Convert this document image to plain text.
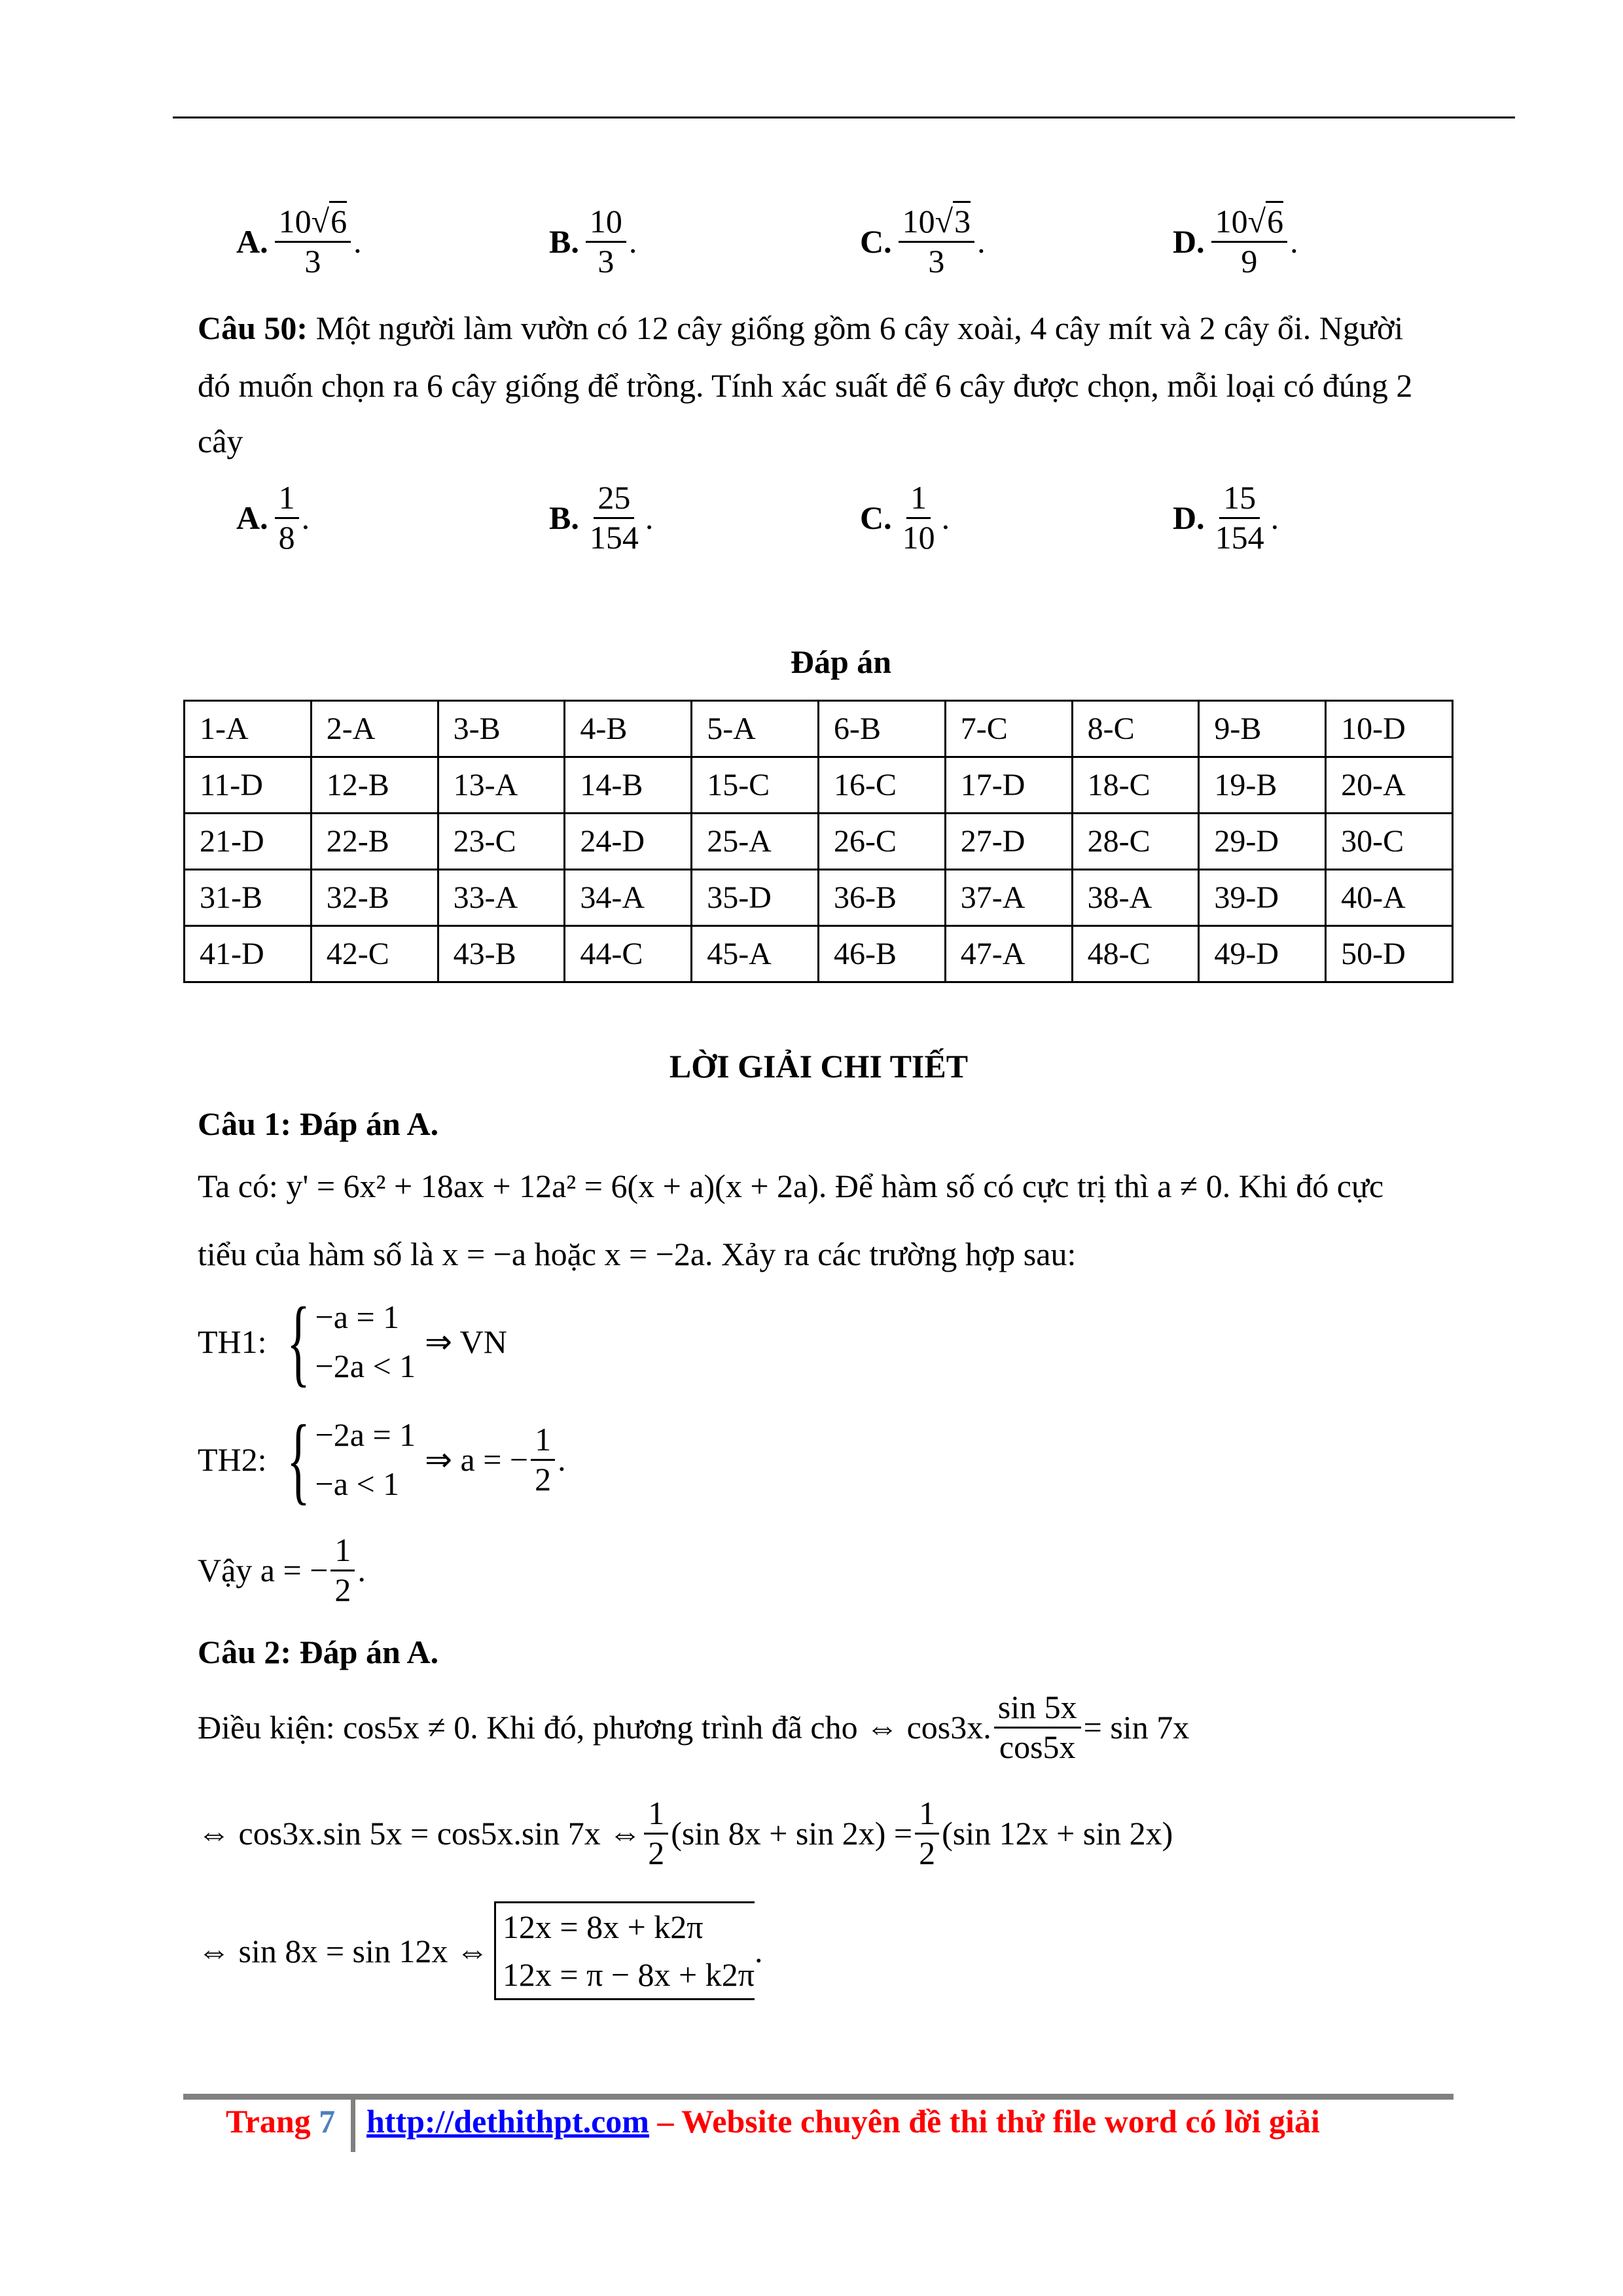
A. $\frac{10√6}{3}$ .	B. $\frac{10}{3}$ .	C. $\frac{10√3}{3}$ .	D. $\frac{10√6}{9}$ .
Câu 50: Một người làm vườn có 12 cây giống gồm 6 cây xoài, 4 cây mít và 2 cây ổi. Người
đó muốn chọn ra 6 cây giống để trồng. Tính xác suất để 6 cây được chọn, mỗi loại có đúng 2
cây
A. $\frac{1}{8}$ .	B. $\frac{25}{154}$ .	C. $\frac{1}{10}$ .	D. $\frac{15}{154}$ .
Đáp án
1-A	2-A	3-B	4-B	5-A	6-B	7-C	8-C	9-B	10-D
11-D	12-B	13-A	14-B	15-C	16-C	17-D	18-C	19-B	20-A
21-D	22-B	23-C	24-D	25-A	26-C	27-D	28-C	29-D	30-C
31-B	32-B	33-A	34-A	35-D	36-B	37-A	38-A	39-D	40-A
41-D	42-C	43-B	44-C	45-A	46-B	47-A	48-C	49-D	50-D
LỜI GIẢI CHI TIẾT
Câu 1: Đáp án A.
Ta có: y' = 6x² + 18ax + 12a² = 6(x + a)(x + 2a). Để hàm số có cực trị thì a ≠ 0. Khi đó cực
tiểu của hàm số là x = −a hoặc x = −2a. Xảy ra các trường hợp sau:
TH1: { −a = 1
−2a < 1
⇒ VN
TH2: { −2a = 1
−a < 1
⇒ a = − $\frac{1}{2}$ .
Vậy a = − $\frac{1}{2}$ .
Câu 2: Đáp án A.
Điều kiện: cos5x ≠ 0. Khi đó, phương trình đã cho ⇔ cos3x. $\frac{\sin 5x}{\cos 5x} = \sin 7x$
⇔ cos3x.sin 5x = cos5x.sin 7x ⇔ $\frac{1}{2} (\sin$ $8x + \sin 2x) = \frac{1}{2} (\sin$ 12x + sin 2x)
⇔ sin 8x = sin 12x ⇔
12x = 8x + k2π
12x = π − 8x + k2π
.
Trang 7 http://dethithpt.com – Website chuyên đề thi thử file word có lời giải
